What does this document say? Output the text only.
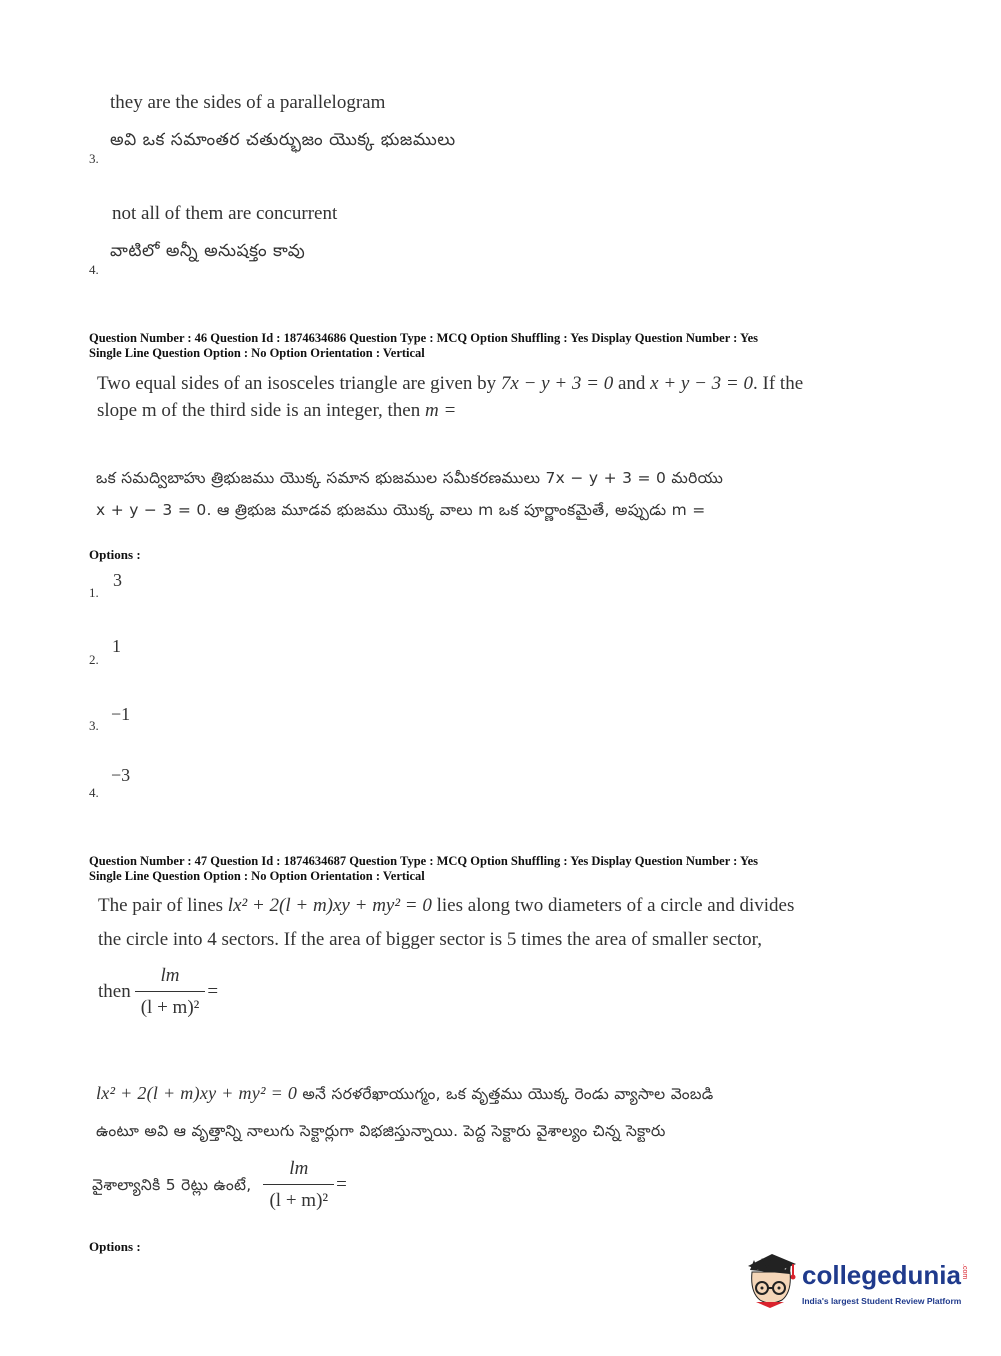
they are the sides of a parallelogram
అవి ఒక సమాంతర చతుర్భుజం యొక్క భుజములు
3.
not all of them are concurrent
వాటిలో అన్నీ అనుషక్తం కావు
4.
Question Number : 46 Question Id : 1874634686 Question Type : MCQ Option Shuffling : Yes Display Question Number : Yes
Single Line Question Option : No Option Orientation : Vertical
Two equal sides of an isosceles triangle are given by 7x − y + 3 = 0 and x + y − 3 = 0. If the
slope m of the third side is an integer, then m =
ఒక సమద్విబాహు త్రిభుజము యొక్క సమాన భుజముల సమీకరణములు 7x − y + 3 = 0 మరియు
x + y − 3 = 0. ఆ త్రిభుజ మూడవ భుజము యొక్క వాలు m ఒక పూర్ణాంకమైతే, అప్పుడు m =
Options :
3
1.
1
2.
−1
3.
−3
4.
Question Number : 47 Question Id : 1874634687 Question Type : MCQ Option Shuffling : Yes Display Question Number : Yes
Single Line Question Option : No Option Orientation : Vertical
The pair of lines lx² + 2(l + m)xy + my² = 0 lies along two diameters of a circle and divides
the circle into 4 sectors. If the area of bigger sector is 5 times the area of smaller sector,
then $\frac{lm}{\text{(l + m)²}}$ =
lx² + 2(l + m)xy + my² = 0 అనే సరళరేఖాయుగ్మం, ఒక వృత్తము యొక్క రెండు వ్యాసాల వెంబడి
ఉంటూ అవి ఆ వృత్తాన్ని నాలుగు సెక్టార్లుగా విభజిస్తున్నాయి. పెద్ద సెక్టారు వైశాల్యం చిన్న సెక్టారు
వైశాల్యానికి 5 రెట్లు ఉంటే, $\frac{lm}{\text{(l + m)²}}$ =
Options :
collegedunia .com
India's largest Student Review Platform
